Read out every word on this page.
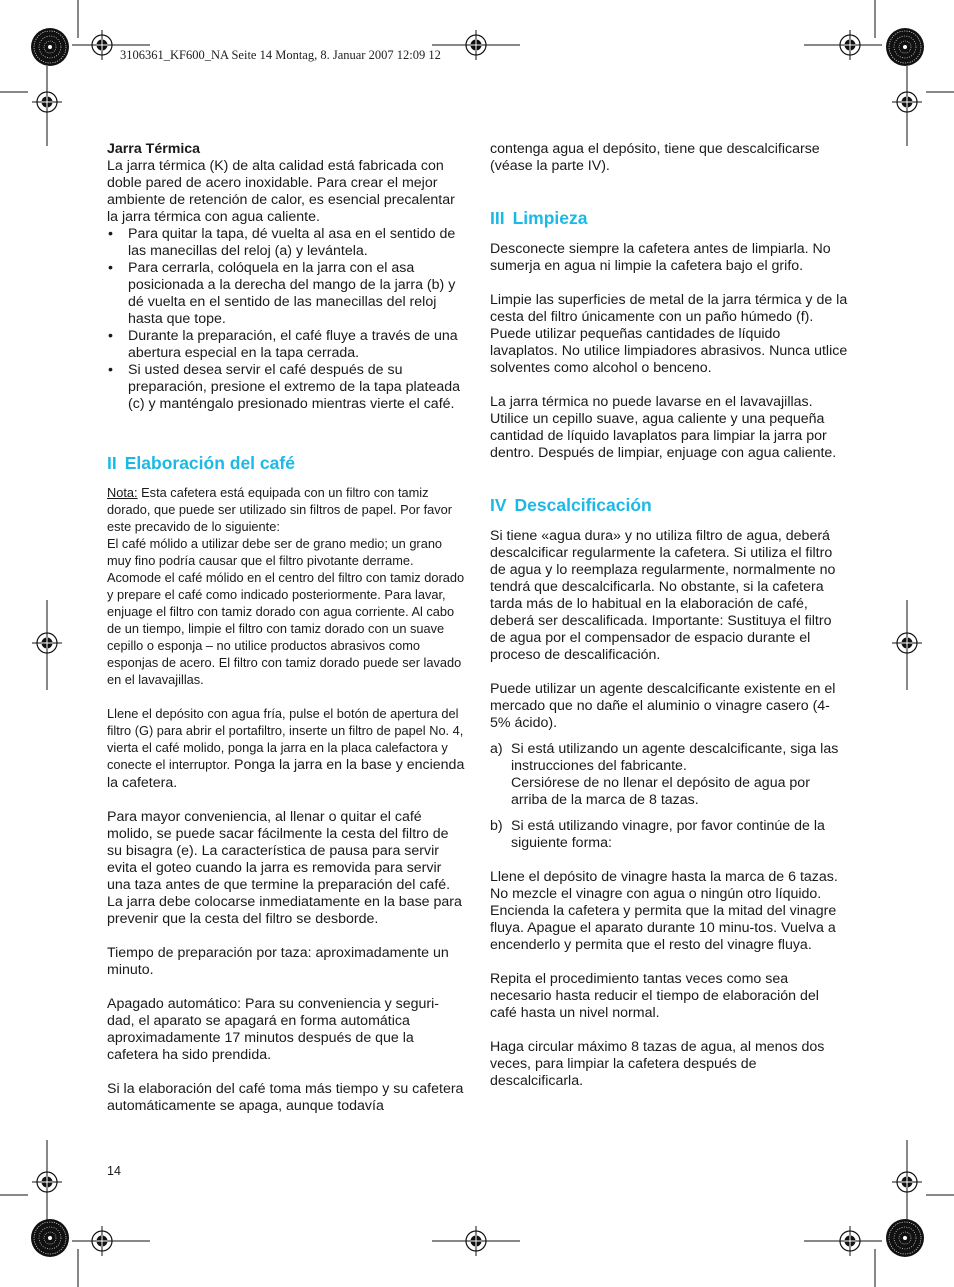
3106361_KF600_NA Seite 14 Montag, 8. Januar 2007 12:09 12

Jarra Térmica

La jarra térmica (K) de alta calidad está fabricada con doble pared de acero inoxidable. Para crear el mejor ambiente de retención de calor, es esencial precalentar la jarra térmica con agua caliente.

• Para quitar la tapa, dé vuelta al asa en el sentido de las manecillas del reloj (a) y levántela.
• Para cerrarla, colóquela en la jarra con el asa posicionada a la derecha del mango de la jarra (b) y dé vuelta en el sentido de las manecillas del reloj hasta que tope.
• Durante la preparación, el café fluye a través de una abertura especial en la tapa cerrada.
• Si usted desea servir el café después de su preparación, presione el extremo de la tapa plateada (c) y manténgalo presionado mientras vierte el café.
II Elaboración del café

Nota: Esta cafetera está equipada con un filtro con tamiz dorado, que puede ser utilizado sin filtros de papel. Por favor este precavido de lo siguiente:

El café mólido a utilizar debe ser de grano medio; un grano muy fino podría causar que el filtro pivotante derrame. Acomode el café mólido en el centro del filtro con tamiz dorado y prepare el café como indicado posteriormente. Para lavar, enjuage el filtro con tamiz dorado con agua corriente. Al cabo de un tiempo, limpie el filtro con tamiz dorado con un suave cepillo o esponja – no utilice productos abrasivos como esponjas de acero. El filtro con tamiz dorado puede ser lavado en el lavavajillas.

Llene el depósito con agua fría, pulse el botón de apertura del filtro (G) para abrir el portafiltro, inserte un filtro de papel No. 4, vierta el café molido, ponga la jarra en la placa calefactora y conecte el interruptor. Ponga la jarra en la base y encienda la cafetera.

Para mayor conveniencia, al llenar o quitar el café molido, se puede sacar fácilmente la cesta del filtro de su bisagra (e). La característica de pausa para servir evita el goteo cuando la jarra es removida para servir una taza antes de que termine la preparación del café. La jarra debe colocarse inmediatamente en la base para prevenir que la cesta del filtro se desborde.

Tiempo de preparación por taza: aproximadamente un minuto.

Apagado automático: Para su conveniencia y seguri-dad, el aparato se apagará en forma automática aproximadamente 17 minutos después de que la cafetera ha sido prendida.

Si la elaboración del café toma más tiempo y su cafetera automáticamente se apaga, aunque todavía

contenga agua el depósito, tiene que descalcificarse (véase la parte IV).

III Limpieza

Desconecte siempre la cafetera antes de limpiarla. No sumerja en agua ni limpie la cafetera bajo el grifo.

Limpie las superficies de metal de la jarra térmica y de la cesta del filtro únicamente con un paño húmedo (f). Puede utilizar pequeñas cantidades de líquido lavaplatos. No utilice limpiadores abrasivos. Nunca utlice solventes como alcohol o benceno.

La jarra térmica no puede lavarse en el lavavajillas. Utilice un cepillo suave, agua caliente y una pequeña cantidad de líquido lavaplatos para limpiar la jarra por dentro. Después de limpiar, enjuage con agua caliente.

IV Descalcificación

Si tiene «agua dura» y no utiliza filtro de agua, deberá descalcificar regularmente la cafetera. Si utiliza el filtro de agua y lo reemplaza regularmente, normalmente no tendrá que descalcificarla. No obstante, si la cafetera tarda más de lo habitual en la elaboración de café, deberá ser descalificada. Importante: Sustituya el filtro de agua por el compensador de espacio durante el proceso de descalificación.

Puede utilizar un agente descalcificante existente en el mercado que no dañe el aluminio o vinagre casero (4- 5% ácido).

a) Si está utilizando un agente descalcificante, siga las instrucciones del fabricante.
Cersiórese de no llenar el depósito de agua por arriba de la marca de 8 tazas.
b) Si está utilizando vinagre, por favor continúe de la siguiente forma:

Llene el depósito de vinagre hasta la marca de 6 tazas. No mezcle el vinagre con agua o ningún otro líquido. Encienda la cafetera y permita que la mitad del vinagre fluya. Apague el aparato durante 10 minu-tos. Vuelva a encenderlo y permita que el resto del vinagre fluya.

Repita el procedimiento tantas veces como sea necesario hasta reducir el tiempo de elaboración del café hasta un nivel normal.

Haga circular máximo 8 tazas de agua, al menos dos veces, para limpiar la cafetera después de descalcificarla.

14
